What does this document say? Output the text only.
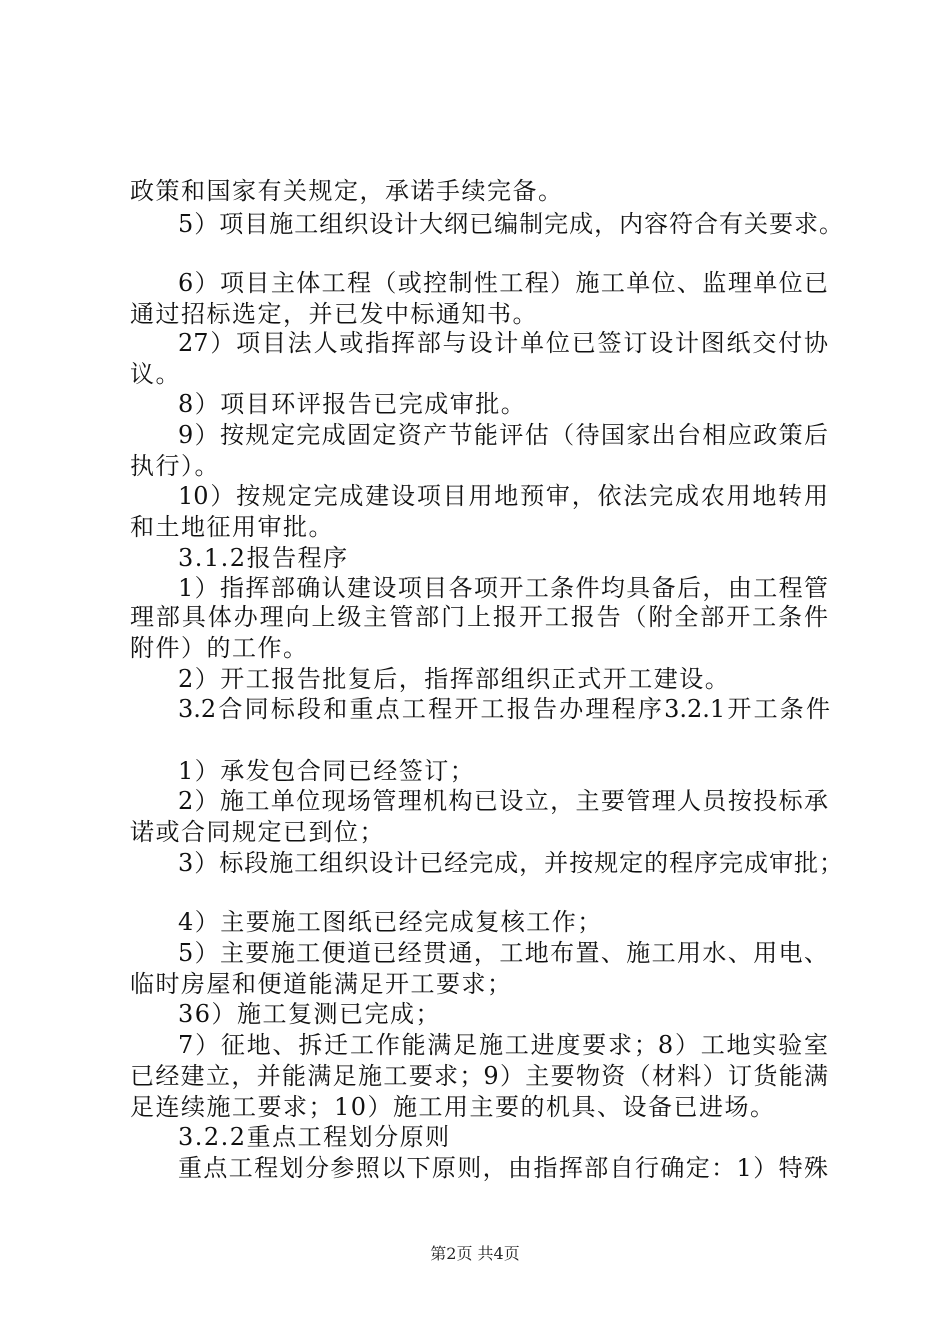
政策和国家有关规定，承诺手续完备。
5）项目施工组织设计大纲已编制完成，内容符合有关要求。
6）项目主体工程（或控制性工程）施工单位、监理单位已
通过招标选定，并已发中标通知书。
27）项目法人或指挥部与设计单位已签订设计图纸交付协
议。
8）项目环评报告已完成审批。
9）按规定完成固定资产节能评估（待国家出台相应政策后
执行）。
10）按规定完成建设项目用地预审，依法完成农用地转用
和土地征用审批。
3.1.2报告程序
1）指挥部确认建设项目各项开工条件均具备后，由工程管
理部具体办理向上级主管部门上报开工报告（附全部开工条件
附件）的工作。
2）开工报告批复后，指挥部组织正式开工建设。
3.2合同标段和重点工程开工报告办理程序3.2.1开工条件
1）承发包合同已经签订；
2）施工单位现场管理机构已设立，主要管理人员按投标承
诺或合同规定已到位；
3）标段施工组织设计已经完成，并按规定的程序完成审批；
4）主要施工图纸已经完成复核工作；
5）主要施工便道已经贯通，工地布置、施工用水、用电、
临时房屋和便道能满足开工要求；
36）施工复测已完成；
7）征地、拆迁工作能满足施工进度要求；8）工地实验室
已经建立，并能满足施工要求；9）主要物资（材料）订货能满
足连续施工要求；10）施工用主要的机具、设备已进场。
3.2.2重点工程划分原则
重点工程划分参照以下原则，由指挥部自行确定：1）特殊
第2页 共4页
